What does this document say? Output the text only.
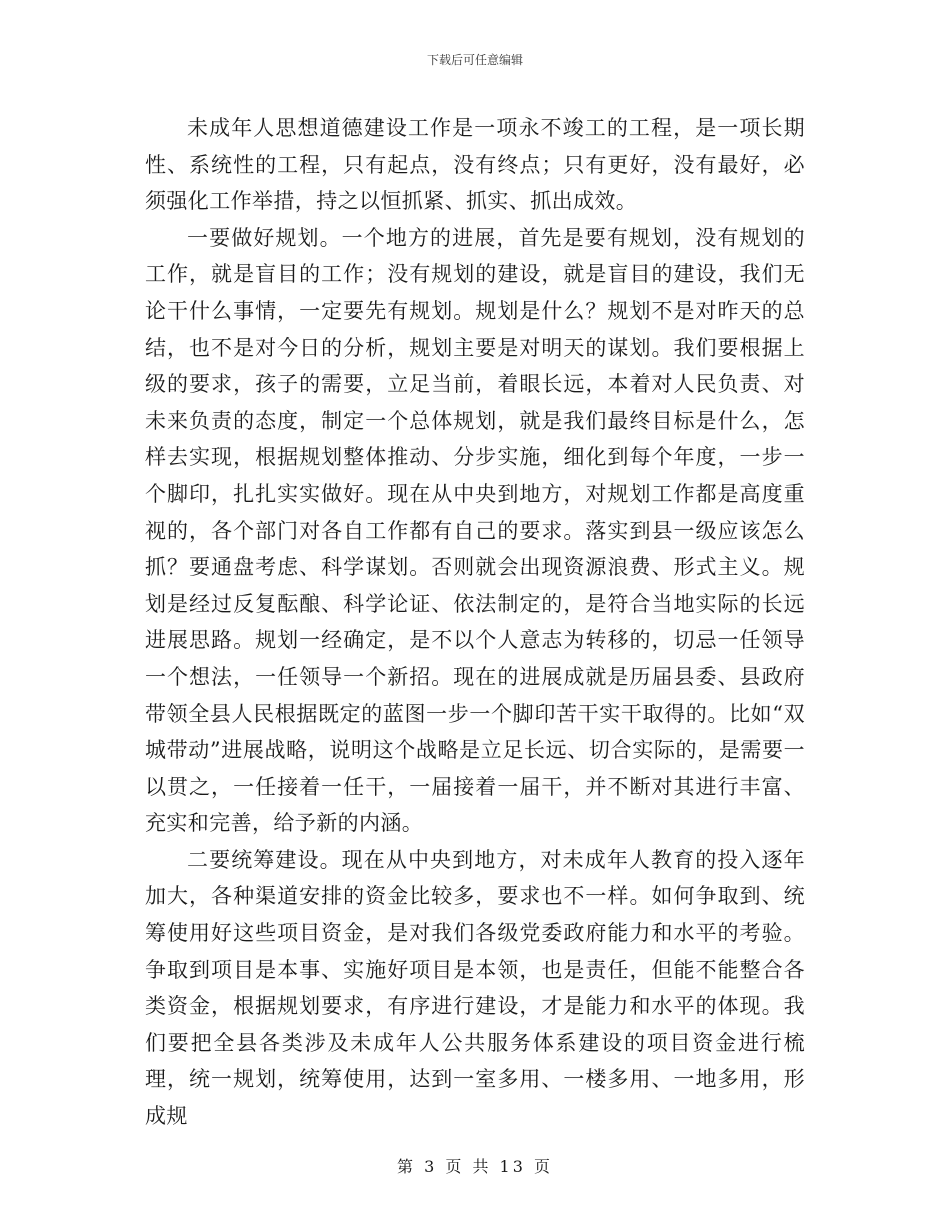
下载后可任意编辑

未成年人思想道德建设工作是一项永不竣工的工程，是一项长期性、系统性的工程，只有起点，没有终点；只有更好，没有最好，必须强化工作举措，持之以恒抓紧、抓实、抓出成效。

一要做好规划。一个地方的进展，首先是要有规划，没有规划的工作，就是盲目的工作；没有规划的建设，就是盲目的建设，我们无论干什么事情，一定要先有规划。规划是什么？规划不是对昨天的总结，也不是对今日的分析，规划主要是对明天的谋划。我们要根据上级的要求，孩子的需要，立足当前，着眼长远，本着对人民负责、对未来负责的态度，制定一个总体规划，就是我们最终目标是什么，怎样去实现，根据规划整体推动、分步实施，细化到每个年度，一步一个脚印，扎扎实实做好。现在从中央到地方，对规划工作都是高度重视的，各个部门对各自工作都有自己的要求。落实到县一级应该怎么抓？要通盘考虑、科学谋划。否则就会出现资源浪费、形式主义。规划是经过反复酝酿、科学论证、依法制定的，是符合当地实际的长远进展思路。规划一经确定，是不以个人意志为转移的，切忌一任领导一个想法，一任领导一个新招。现在的进展成就是历届县委、县政府带领全县人民根据既定的蓝图一步一个脚印苦干实干取得的。比如“双城带动”进展战略，说明这个战略是立足长远、切合实际的，是需要一以贯之，一任接着一任干，一届接着一届干，并不断对其进行丰富、充实和完善，给予新的内涵。

二要统筹建设。现在从中央到地方，对未成年人教育的投入逐年加大，各种渠道安排的资金比较多，要求也不一样。如何争取到、统筹使用好这些项目资金，是对我们各级党委政府能力和水平的考验。争取到项目是本事、实施好项目是本领，也是责任，但能不能整合各类资金，根据规划要求，有序进行建设，才是能力和水平的体现。我们要把全县各类涉及未成年人公共服务体系建设的项目资金进行梳理，统一规划，统筹使用，达到一室多用、一楼多用、一地多用，形成规

第 3 页 共 13 页
